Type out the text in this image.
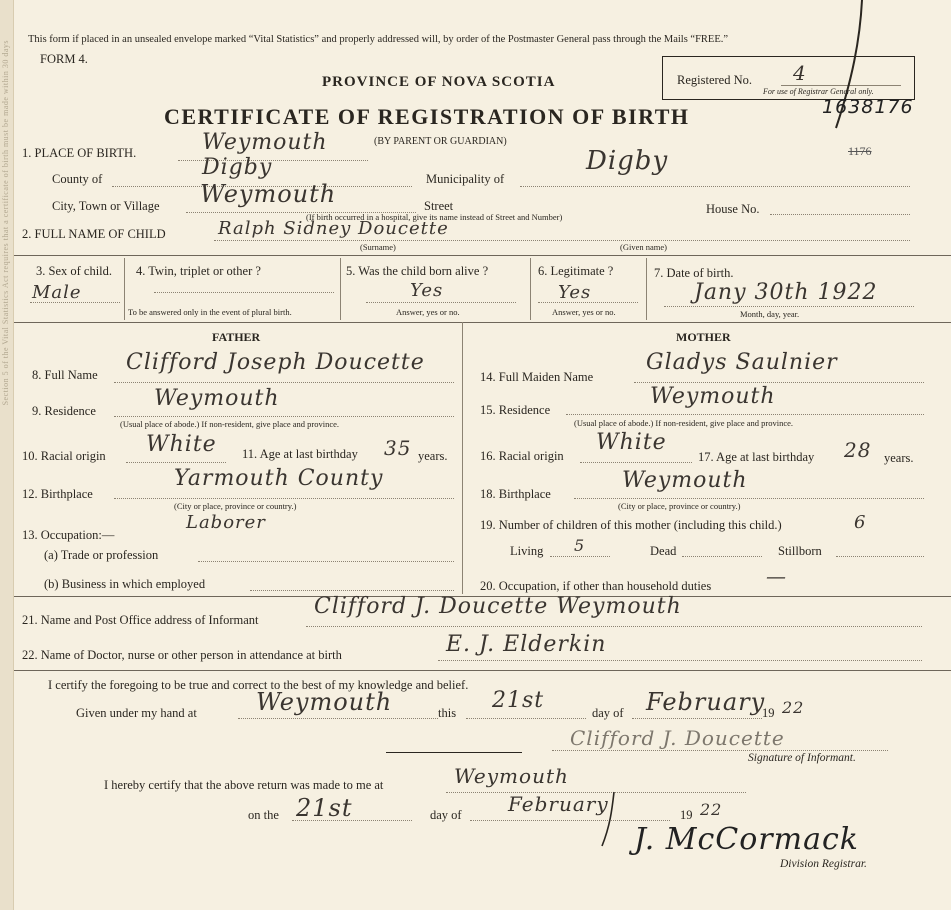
Section 5 of the Vital Statistics Act requires that a certificate of birth must be made within 30 days
This form if placed in an unsealed envelope marked “Vital Statistics” and properly addressed will, by order of the Postmaster General pass through the Mails “FREE.”
FORM 4.
PROVINCE OF NOVA SCOTIA
CERTIFICATE OF REGISTRATION OF BIRTH
(BY PARENT OR GUARDIAN)
Registered No. 4
For use of Registrar General only.
1638176
1176
1. PLACE OF BIRTH.	Weymouth
County of	Digby	Municipality of
Digby
City, Town or Village Weymouth	Street	House No.
(If birth occurred in a hospital, give its name instead of Street and Number)
2. FULL NAME OF CHILD	Ralph Sidney Doucette
(Surname)	(Given name)
3. Sex of child.
Male
4. Twin, triplet or other ?
To be answered only in the event of plural birth.
5. Was the child born alive ?
Yes
Answer, yes or no.
6. Legitimate ?
Yes
Answer, yes or no.
7. Date of birth.
Jany 30th 1922
Month, day, year.
FATHER
8. Full Name Clifford Joseph Doucette
9. Residence	Weymouth
(Usual place of abode.) If non-resident, give place and province.
10. Racial origin White 11. Age at last birthday 35 years.
12. Birthplace
Yarmouth County
(City or place, province or country.)
13. Occupation:—
Laborer
(a) Trade or profession
(b) Business in which employed
MOTHER
14. Full Maiden Name
Gladys Saulnier
15. Residence
Weymouth
(Usual place of abode.) If non-resident, give place and province.
16. Racial origin
White
17. Age at last birthday 28 years.
18. Birthplace
Weymouth
(City or place, province or country.)
19. Number of children of this mother (including this child.)	6
Living 5	Dead	Stillborn
20. Occupation, if other than household duties	—
21. Name and Post Office address of Informant
Clifford J. Doucette Weymouth
22. Name of Doctor, nurse or other person in attendance at birth	E. J. Elderkin
I certify the foregoing to be true and correct to the best of my knowledge and belief.
Given under my hand at Weymouth	this 21st	day of February
19 22
Clifford J. Doucette
Signature of Informant.
I hereby certify that the above return was made to me at	Weymouth
on the 21st	day of February	19 22
J. McCormack
Division Registrar.
